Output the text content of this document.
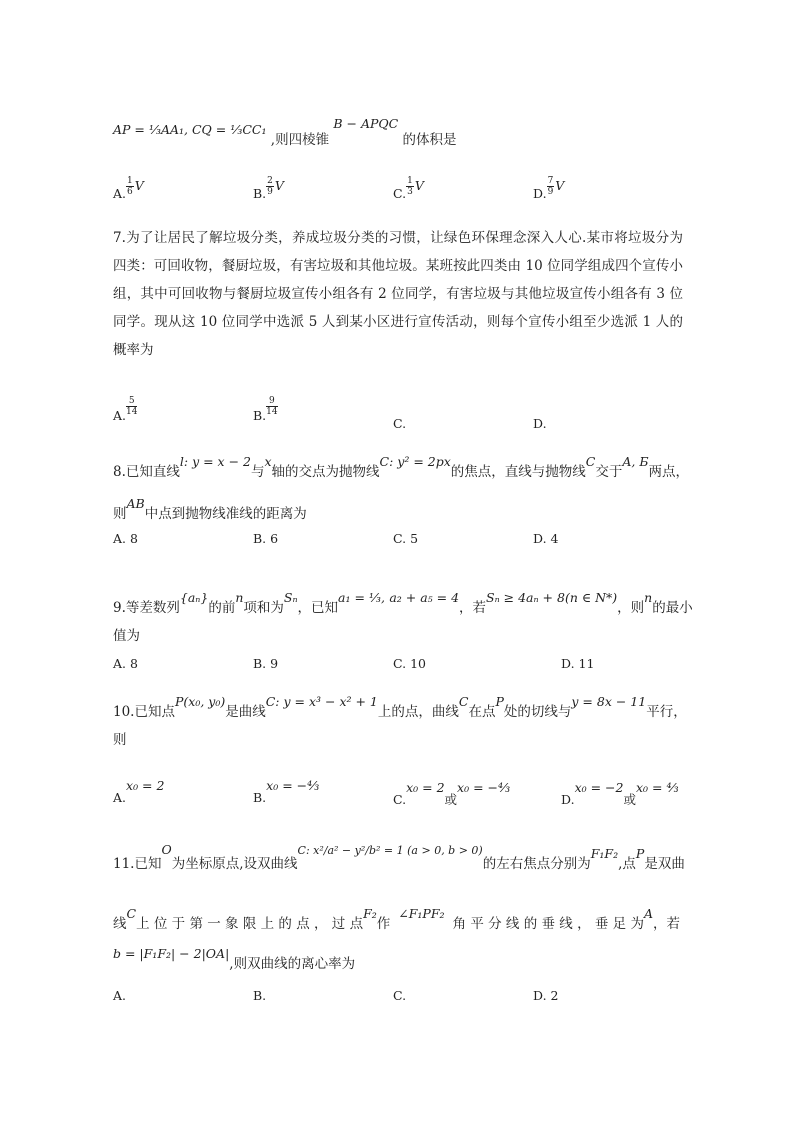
AP = ⅓AA₁, CQ = ⅓CC₁ ,则四棱锥 B − APQC 的体积是
A. $\frac{1}{6}$ V
B. $\frac{2}{9}$ V
C. $\frac{1}{3}$ V
D. $\frac{7}{9}$ V
7.为了让居民了解垃圾分类，养成垃圾分类的习惯，让绿色环保理念深入人心.某市将垃圾分为四类：可回收物，餐厨垃圾，有害垃圾和其他垃圾。某班按此四类由 10 位同学组成四个宣传小组，其中可回收物与餐厨垃圾宣传小组各有 2 位同学，有害垃圾与其他垃圾宣传小组各有 3 位同学。现从这 10 位同学中选派 5 人到某小区进行宣传活动，则每个宣传小组至少选派 1 人的概率为
A. $\frac{5}{14}$	B. $\frac{9}{14}$
C.	D.
8.已知直线l: y = x − 2与x轴的交点为抛物线C: y² = 2px的焦点，直线与抛物线C交于A, Б两点，
则AB中点到抛物线准线的距离为
A. 8	B. 6	C. 5	D. 4
9.等差数列{aₙ}的前n项和为Sₙ，已知a₁ = ⅓, a₂ + a₅ = 4，若Sₙ ≥ 4aₙ + 8(n ∈ N*)，则n的最小
值为
A. 8	B. 9	C. 10	D. 11
10.已知点P(x₀, y₀)是曲线C: y = x³ − x² + 1上的点，曲线C在点P处的切线与y = 8x − 11平行，
则
A.x₀ = 2
B.x₀ = −⁴⁄₃
C.x₀ = 2或x₀ = −⁴⁄₃
D.x₀ = −2或x₀ = ⁴⁄₃
11.已知O为坐标原点,设双曲线$^{C: x^2/a^2 - y^2/b^2 = 1 (a > 0, b > 0)}$的左右焦点分别为F₁F₂,点P是双曲
线C上 位 于 第 一 象 限 上 的 点 ， 过 点F₂作∠F₁PF₂角 平 分 线 的 垂 线 ， 垂 足 为A，若
b = |F₁F₂| − 2|OA|,则双曲线的离心率为
A.	B.	C.	D. 2
